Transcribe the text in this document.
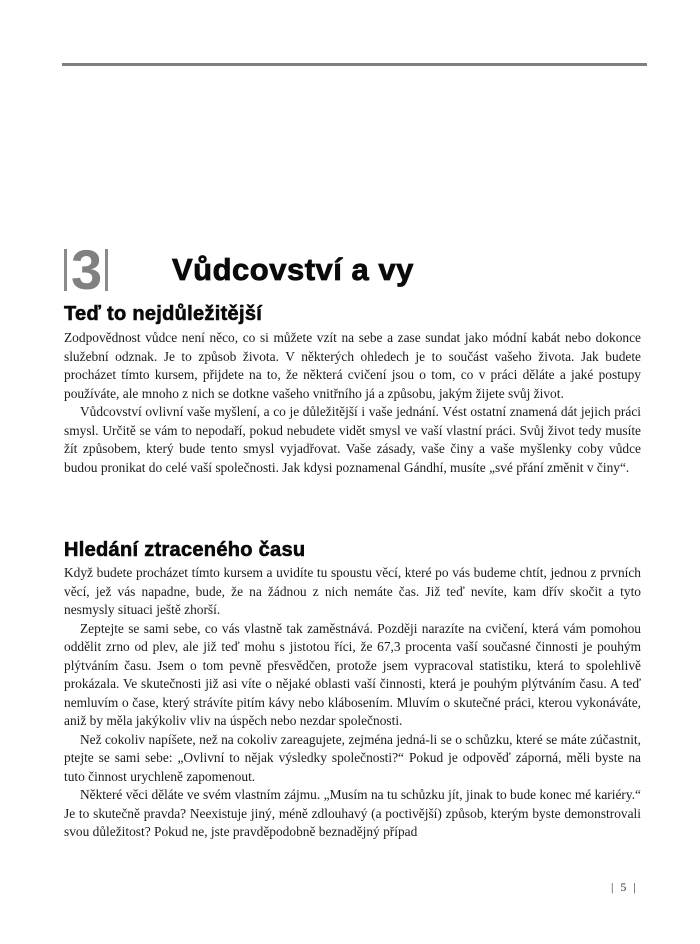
3 Vůdcovství a vy
Teď to nejdůležitější

Zodpovědnost vůdce není něco, co si můžete vzít na sebe a zase sundat jako módní kabát nebo dokonce služební odznak. Je to způsob života. V některých ohledech je to součást vašeho života. Jak budete procházet tímto kursem, přijdete na to, že některá cvičení jsou o tom, co v práci děláte a jaké postupy používáte, ale mnoho z nich se dotkne vašeho vnitřního já a způsobu, jakým žijete svůj život.

Vůdcovství ovlivní vaše myšlení, a co je důležitější i vaše jednání. Vést ostatní znamená dát jejich práci smysl. Určitě se vám to nepodaří, pokud nebudete vidět smysl ve vaší vlastní práci. Svůj život tedy musíte žít způsobem, který bude tento smysl vyjadřovat. Vaše zásady, vaše činy a vaše myšlenky coby vůdce budou pronikat do celé vaší společnosti. Jak kdysi poznamenal Gándhí, musíte „své přání změnit v činy“.

Hledání ztraceného času

Když budete procházet tímto kursem a uvidíte tu spoustu věcí, které po vás budeme chtít, jednou z prvních věcí, jež vás napadne, bude, že na žádnou z nich nemáte čas. Již teď nevíte, kam dřív skočit a tyto nesmysly situaci ještě zhorší.

Zeptejte se sami sebe, co vás vlastně tak zaměstnává. Později narazíte na cvičení, která vám pomohou oddělit zrno od plev, ale již teď mohu s jistotou říci, že 67,3 procenta vaší současné činnosti je pouhým plýtváním času. Jsem o tom pevně přesvědčen, protože jsem vypracoval statistiku, která to spolehlivě prokázala. Ve skutečnosti již asi víte o nějaké oblasti vaší činnosti, která je pouhým plýtváním času. A teď nemluvím o čase, který strávíte pitím kávy nebo klábosením. Mluvím o skutečné práci, kterou vykonáváte, aniž by měla jakýkoliv vliv na úspěch nebo nezdar společnosti.

Než cokoliv napíšete, než na cokoliv zareagujete, zejména jedná-li se o schůzku, které se máte zúčastnit, ptejte se sami sebe: „Ovlivní to nějak výsledky společnosti?“ Pokud je odpověď záporná, měli byste na tuto činnost urychleně zapomenout.

Některé věci děláte ve svém vlastním zájmu. „Musím na tu schůzku jít, jinak to bude konec mé kariéry.“ Je to skutečně pravda? Neexistuje jiný, méně zdlouhavý (a poctivější) způsob, kterým byste demonstrovali svou důležitost? Pokud ne, jste pravděpodobně beznadějný případ

| 5 |
